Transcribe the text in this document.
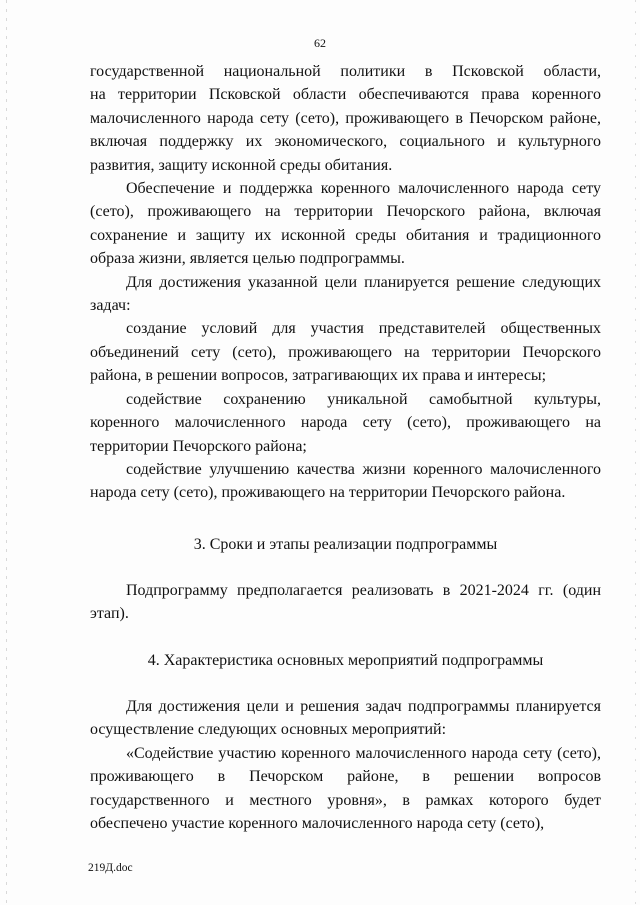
62

государственной национальной политики в Псковской области,

на территории Псковской области обеспечиваются права коренного

малочисленного народа сету (сето), проживающего в Печорском районе,

включая поддержку их экономического, социального и культурного

развития, защиту исконной среды обитания.

Обеспечение и поддержка коренного малочисленного народа сету (сето), проживающего на территории Печорского района, включая сохранение и защиту их исконной среды обитания и традиционного образа жизни, является целью подпрограммы.

Для достижения указанной цели планируется решение следующих задач:

создание условий для участия представителей общественных объединений сету (сето), проживающего на территории Печорского района, в решении вопросов, затрагивающих их права и интересы;

содействие сохранению уникальной самобытной культуры, коренного малочисленного народа сету (сето), проживающего на территории Печорского района;

содействие улучшению качества жизни коренного малочисленного народа сету (сето), проживающего на территории Печорского района.

3. Сроки и этапы реализации подпрограммы

Подпрограмму предполагается реализовать в 2021-2024 гг. (один этап).

4. Характеристика основных мероприятий подпрограммы

Для достижения цели и решения задач подпрограммы планируется осуществление следующих основных мероприятий:

«Содействие участию коренного малочисленного народа сету (сето), проживающего в Печорском районе, в решении вопросов государственного и местного уровня», в рамках которого будет обеспечено участие коренного малочисленного народа сету (сето),

219Д.doc
